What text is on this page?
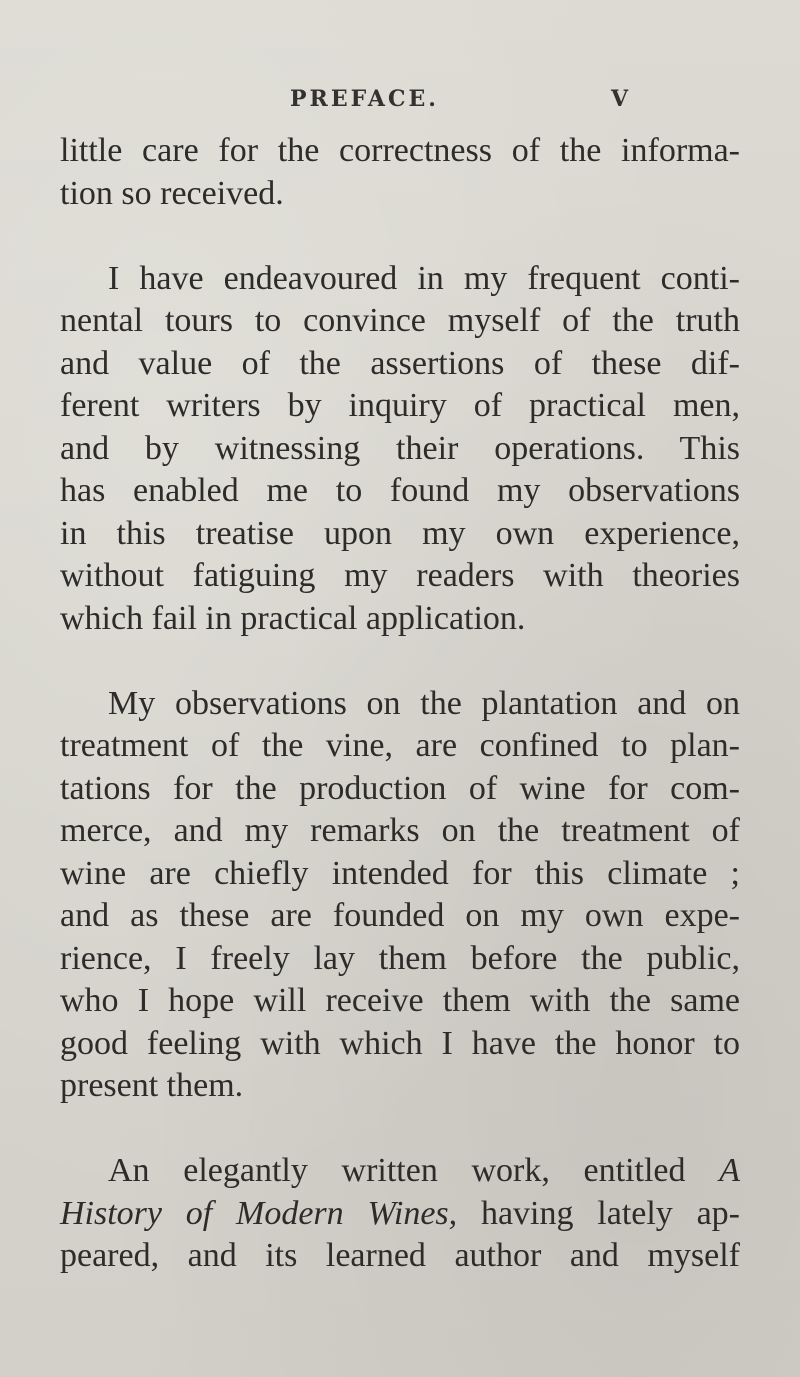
PREFACE.	V

little care for the correctness of the informa-
tion so received.

I have endeavoured in my frequent conti-
nental tours to convince myself of the truth
and value of the assertions of these dif-
ferent writers by inquiry of practical men,
and by witnessing their operations. This
has enabled me to found my observations
in this treatise upon my own experience,
without fatiguing my readers with theories
which fail in practical application.

My observations on the plantation and on
treatment of the vine, are confined to plan-
tations for the production of wine for com-
merce, and my remarks on the treatment of
wine are chiefly intended for this climate ;
and as these are founded on my own expe-
rience, I freely lay them before the public,
who I hope will receive them with the same
good feeling with which I have the honor to
present them.

An elegantly written work, entitled A
History of Modern Wines, having lately ap-
peared, and its learned author and myself
